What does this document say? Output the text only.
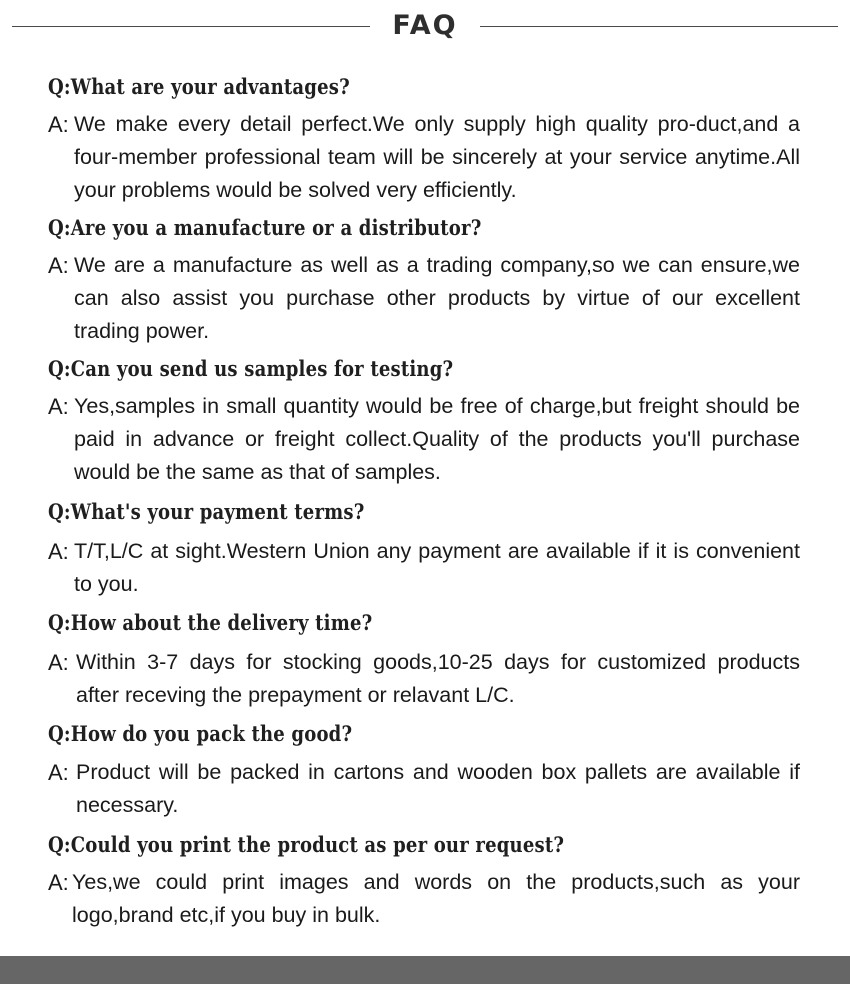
FAQ
Q:What are your advantages?
A: We make every detail perfect.We only supply high quality pro-duct,and a four-member professional team will be sincerely at your service anytime.All your problems would be solved very efficiently.
Q:Are you a manufacture or a distributor?
A: We are a manufacture as well as a trading company,so we can ensure,we can also assist you purchase other products by virtue of our excellent trading power.
Q:Can you send us samples for testing?
A: Yes,samples in small quantity would be free of charge,but freight should be paid in advance or freight collect.Quality of the products you'll purchase would be the same as that of samples.
Q:What's your payment terms?
A: T/T,L/C at sight.Western Union any payment are available if it is convenient to you.
Q:How about the delivery time?
A: Within 3-7 days for stocking goods,10-25 days for customized products after receving the prepayment or relavant L/C.
Q:How do you pack the good?
A: Product will be packed in cartons and wooden box pallets are available if necessary.
Q:Could you print the product as per our request?
A: Yes,we could print images and words on the products,such as your logo,brand etc,if you buy in bulk.
